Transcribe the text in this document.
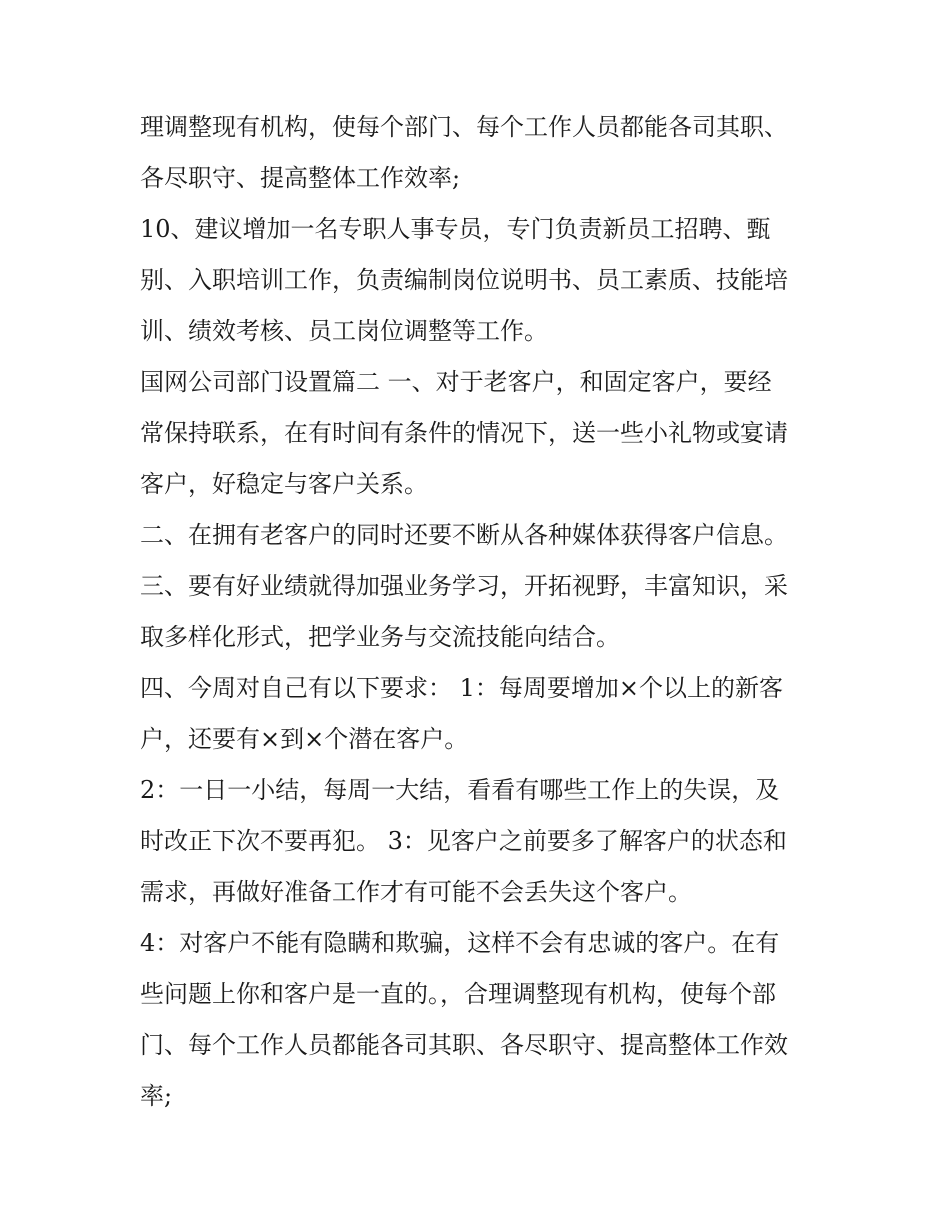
理调整现有机构，使每个部门、每个工作人员都能各司其职、
各尽职守、提高整体工作效率;
10、建议增加一名专职人事专员，专门负责新员工招聘、甄
别、入职培训工作，负责编制岗位说明书、员工素质、技能培
训、绩效考核、员工岗位调整等工作。
国网公司部门设置篇二 一、对于老客户，和固定客户，要经
常保持联系，在有时间有条件的情况下，送一些小礼物或宴请
客户，好稳定与客户关系。
二、在拥有老客户的同时还要不断从各种媒体获得客户信息。
三、要有好业绩就得加强业务学习，开拓视野，丰富知识，采
取多样化形式，把学业务与交流技能向结合。
四、今周对自己有以下要求： 1：每周要增加×个以上的新客
户，还要有×到×个潜在客户。
2：一日一小结，每周一大结，看看有哪些工作上的失误，及
时改正下次不要再犯。 3：见客户之前要多了解客户的状态和
需求，再做好准备工作才有可能不会丢失这个客户。
4：对客户不能有隐瞒和欺骗，这样不会有忠诚的客户。在有
些问题上你和客户是一直的。，合理调整现有机构，使每个部
门、每个工作人员都能各司其职、各尽职守、提高整体工作效
率;
